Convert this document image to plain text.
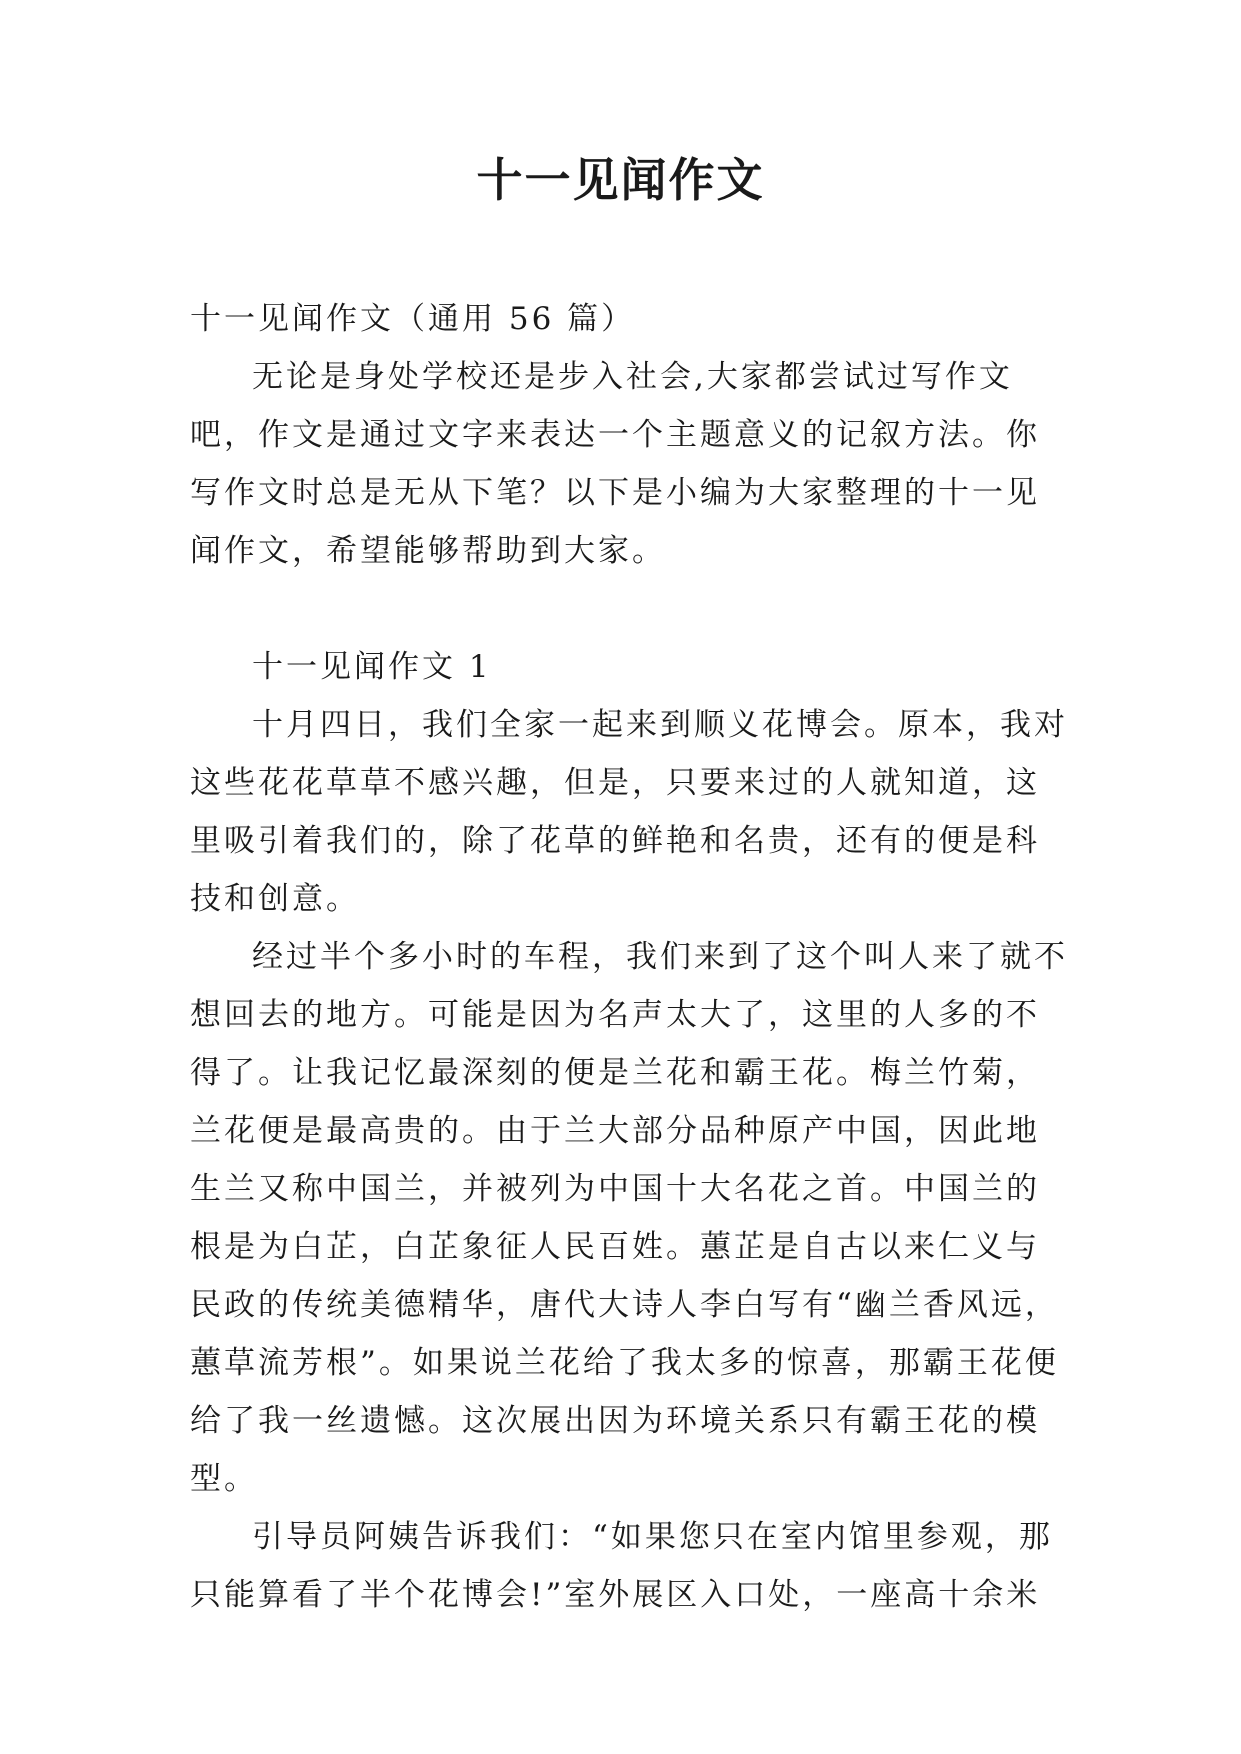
十一见闻作文

十一见闻作文（通用 56 篇）

无论是身处学校还是步入社会,大家都尝试过写作文吧，作文是通过文字来表达一个主题意义的记叙方法。你写作文时总是无从下笔？以下是小编为大家整理的十一见闻作文，希望能够帮助到大家。

十一见闻作文 1

十月四日，我们全家一起来到顺义花博会。原本，我对这些花花草草不感兴趣，但是，只要来过的人就知道，这里吸引着我们的，除了花草的鲜艳和名贵，还有的便是科技和创意。

经过半个多小时的车程，我们来到了这个叫人来了就不想回去的地方。可能是因为名声太大了，这里的人多的不得了。让我记忆最深刻的便是兰花和霸王花。梅兰竹菊，兰花便是最高贵的。由于兰大部分品种原产中国，因此地生兰又称中国兰，并被列为中国十大名花之首。中国兰的根是为白芷，白芷象征人民百姓。蕙芷是自古以来仁义与民政的传统美德精华，唐代大诗人李白写有“幽兰香风远，蕙草流芳根”。如果说兰花给了我太多的惊喜，那霸王花便给了我一丝遗憾。这次展出因为环境关系只有霸王花的模型。

引导员阿姨告诉我们：“如果您只在室内馆里参观，那只能算看了半个花博会!”室外展区入口处，一座高十余米
